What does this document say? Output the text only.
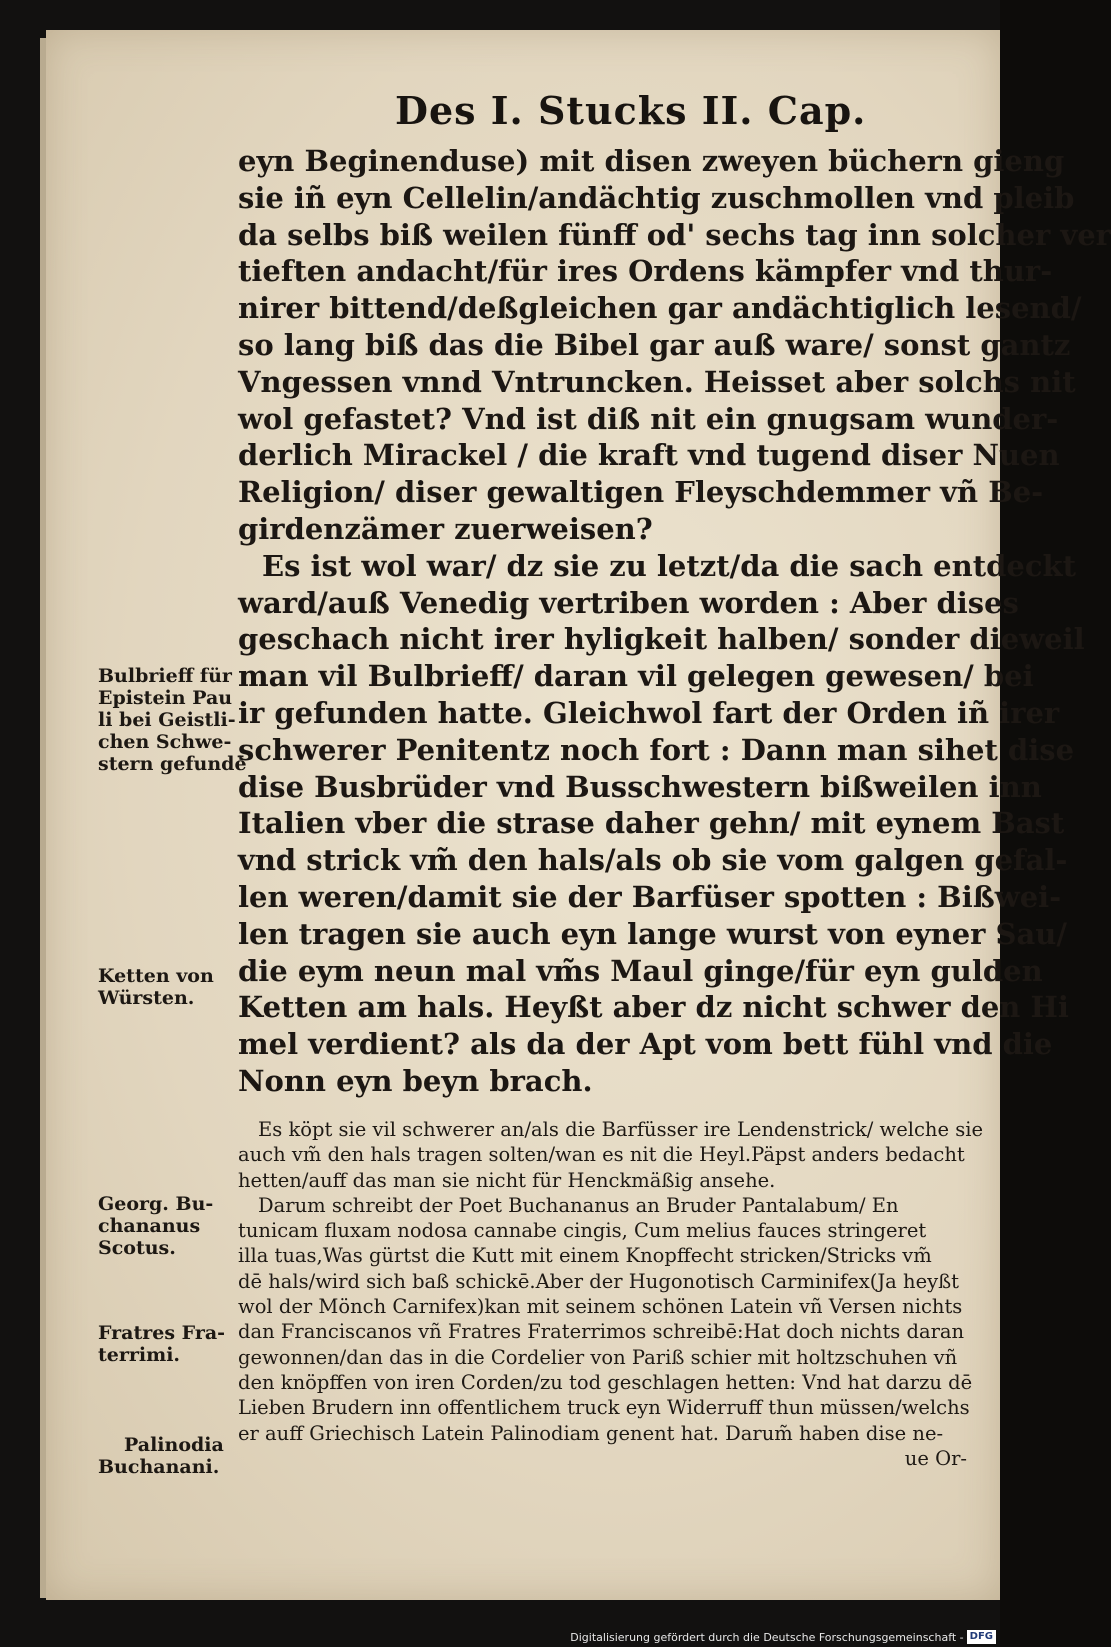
Des I. Stucks II. Cap.
eyn Beginenduse) mit disen zweyen büchern gieng
sie iñ eyn Cellelin/andächtig zuschmollen vnd pleib
da selbs biß weilen fünff od' sechs tag inn solcher ver
tieften andacht/für ires Ordens kämpfer vnd thur-
nirer bittend/deßgleichen gar andächtiglich lesend/
so lang biß das die Bibel gar auß ware/ sonst gantz
Vngessen vnnd Vntruncken. Heisset aber solchs nit
wol gefastet? Vnd ist diß nit ein gnugsam wunder-
derlich Mirackel / die kraft vnd tugend diser Nuen
Religion/ diser gewaltigen Fleyschdemmer vñ Be-
girdenzämer zuerweisen?
Es ist wol war/ dz sie zu letzt/da die sach entdeckt
ward/auß Venedig vertriben worden : Aber dises
geschach nicht irer hyligkeit halben/ sonder dieweil
man vil Bulbrieff/ daran vil gelegen gewesen/ bei
ir gefunden hatte. Gleichwol fart der Orden iñ irer
schwerer Penitentz noch fort : Dann man sihet dise
dise Busbrüder vnd Busschwestern bißweilen inn
Italien vber die strase daher gehn/ mit eynem Bast
vnd strick vm̃ den hals/als ob sie vom galgen gefal-
len weren/damit sie der Barfüser spotten : Bißwei-
len tragen sie auch eyn lange wurst von eyner Sau/
die eym neun mal vm̃s Maul ginge/für eyn gulden
Ketten am hals. Heyßt aber dz nicht schwer den Hi
mel verdient? als da der Apt vom bett fühl vnd die
Nonn eyn beyn brach.
Es köpt sie vil schwerer an/als die Barfüsser ire Lendenstrick/ welche sie
auch vm̃ den hals tragen solten/wan es nit die Heyl.Päpst anders bedacht
hetten/auff das man sie nicht für Henckmäßig ansehe.
Darum schreibt der Poet Buchananus an Bruder Pantalabum/ En
tunicam fluxam nodosa cannabe cingis, Cum melius fauces stringeret
illa tuas,Was gürtst die Kutt mit einem Knopffecht stricken/Stricks vm̃
dē hals/wird sich baß schickē.Aber der Hugonotisch Carminifex(Ja heyßt
wol der Mönch Carnifex)kan mit seinem schönen Latein vñ Versen nichts
dan Franciscanos vñ Fratres Fraterrimos schreibē:Hat doch nichts daran
gewonnen/dan das in die Cordelier von Pariß schier mit holtzschuhen vñ
den knöpffen von iren Corden/zu tod geschlagen hetten: Vnd hat darzu dē
Lieben Brudern inn offentlichem truck eyn Widerruff thun müssen/welchs
er auff Griechisch Latein Palinodiam genent hat. Darum̃ haben dise ne-
ue Or-
Bulbrieff für
Epistein Pau
li bei Geistli-
chen Schwe-
stern gefundē
Ketten von
Würsten.
Georg. Bu-
chananus
Scotus.
Fratres Fra-
terrimi.
Palinodia
Buchanani.
Digitalisierung gefördert durch die Deutsche Forschungsgemeinschaft - DFG
